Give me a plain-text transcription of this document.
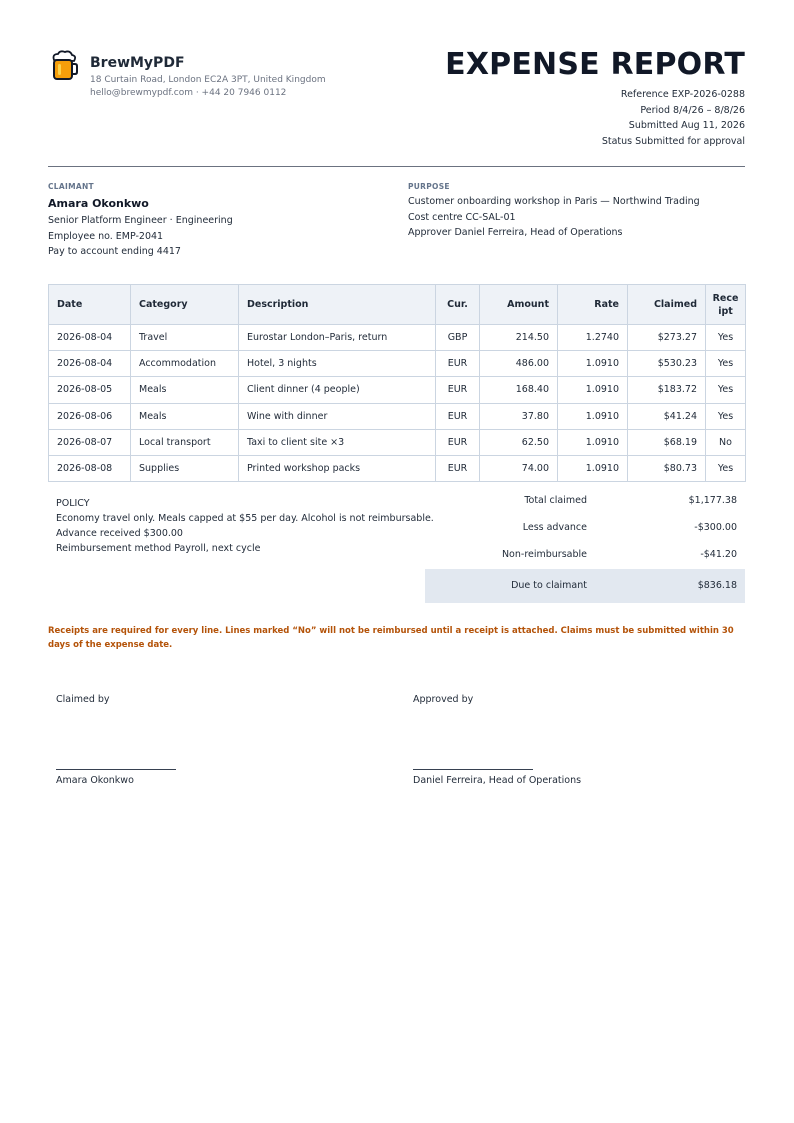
BrewMyPDF
18 Curtain Road, London EC2A 3PT, United Kingdom
hello@brewmypdf.com · +44 20 7946 0112
EXPENSE REPORT
Reference EXP-2026-0288
Period 8/4/26 – 8/8/26
Submitted Aug 11, 2026
Status Submitted for approval
CLAIMANT
Amara Okonkwo
Senior Platform Engineer · Engineering
Employee no. EMP-2041
Pay to account ending 4417
PURPOSE
Customer onboarding workshop in Paris — Northwind Trading
Cost centre CC-SAL-01
Approver Daniel Ferreira, Head of Operations
Date	Category	Description	Cur.	Amount	Rate	Claimed	Rece
ipt
2026-08-04	Travel	Eurostar London–Paris, return	GBP	214.50	1.2740	$273.27	Yes
2026-08-04	Accommodation	Hotel, 3 nights	EUR	486.00	1.0910	$530.23	Yes
2026-08-05	Meals	Client dinner (4 people)	EUR	168.40	1.0910	$183.72	Yes
2026-08-06	Meals	Wine with dinner	EUR	37.80	1.0910	$41.24	Yes
2026-08-07	Local transport	Taxi to client site ×3	EUR	62.50	1.0910	$68.19	No
2026-08-08	Supplies	Printed workshop packs	EUR	74.00	1.0910	$80.73	Yes
POLICY
Economy travel only. Meals capped at $55 per day. Alcohol is not reimbursable.
Advance received $300.00
Reimbursement method Payroll, next cycle
Total claimed	$1,177.38
Less advance	-$300.00
Non-reimbursable	-$41.20
Due to claimant	$836.18
Receipts are required for every line. Lines marked “No” will not be reimbursed until a receipt is attached. Claims must be submitted within 30 days of the expense date.
Claimed by
Amara Okonkwo
Approved by
Daniel Ferreira, Head of Operations
